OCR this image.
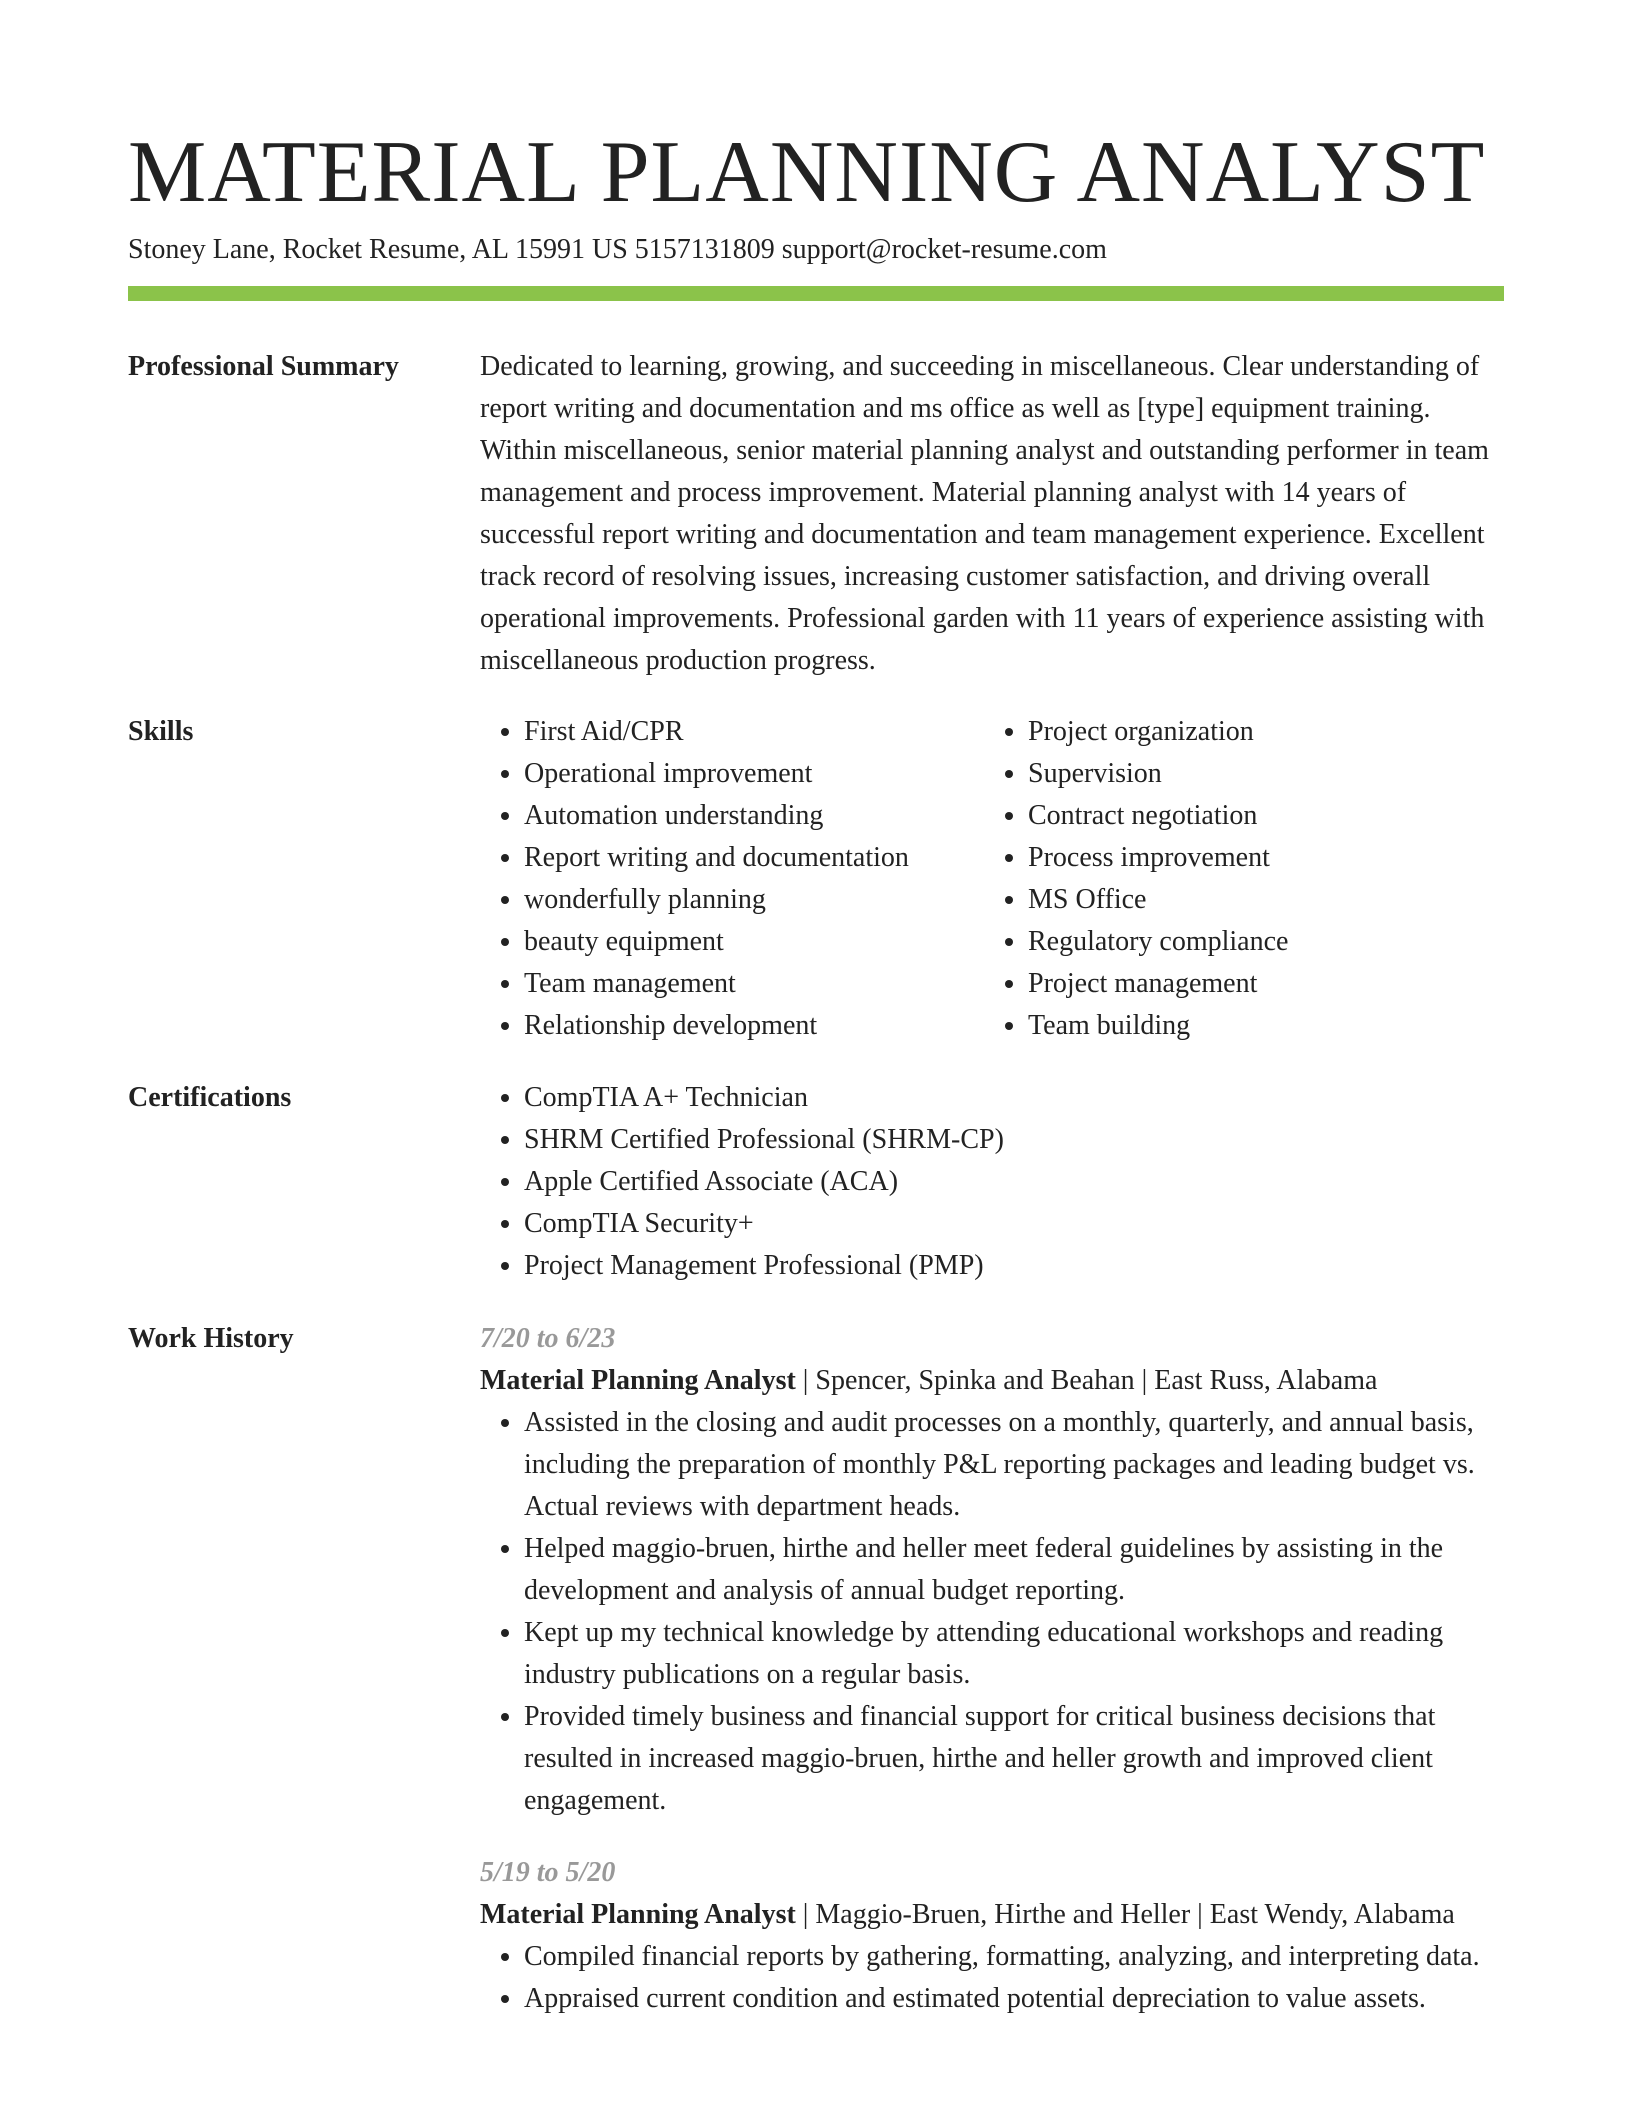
MATERIAL PLANNING ANALYST
Stoney Lane, Rocket Resume, AL 15991 US 5157131809 support@rocket-resume.com
Professional Summary	Dedicated to learning, growing, and succeeding in miscellaneous. Clear understanding of report writing and documentation and ms office as well as [type] equipment training. Within miscellaneous, senior material planning analyst and outstanding performer in team management and process improvement. Material planning analyst with 14 years of successful report writing and documentation and team management experience. Excellent track record of resolving issues, increasing customer satisfaction, and driving overall operational improvements. Professional garden with 11 years of experience assisting with miscellaneous production progress.

Skills	• First Aid/CPR
• Operational improvement
• Automation understanding
• Report writing and documentation
• wonderfully planning
• beauty equipment
• Team management
• Relationship development
• Project organization
• Supervision
• Contract negotiation
• Process improvement
• MS Office
• Regulatory compliance
• Project management
• Team building
Certifications	• CompTIA A+ Technician
• SHRM Certified Professional (SHRM-CP)
• Apple Certified Associate (ACA)
• CompTIA Security+
• Project Management Professional (PMP)
Work History	7/20 to 6/23

Material Planning Analyst | Spencer, Spinka and Beahan | East Russ, Alabama

• Assisted in the closing and audit processes on a monthly, quarterly, and annual basis, including the preparation of monthly P&L reporting packages and leading budget vs. Actual reviews with department heads.
• Helped maggio-bruen, hirthe and heller meet federal guidelines by assisting in the development and analysis of annual budget reporting.
• Kept up my technical knowledge by attending educational workshops and reading industry publications on a regular basis.
• Provided timely business and financial support for critical business decisions that resulted in increased maggio-bruen, hirthe and heller growth and improved client engagement.

5/19 to 5/20

Material Planning Analyst | Maggio-Bruen, Hirthe and Heller | East Wendy, Alabama

• Compiled financial reports by gathering, formatting, analyzing, and interpreting data.
• Appraised current condition and estimated potential depreciation to value assets.
